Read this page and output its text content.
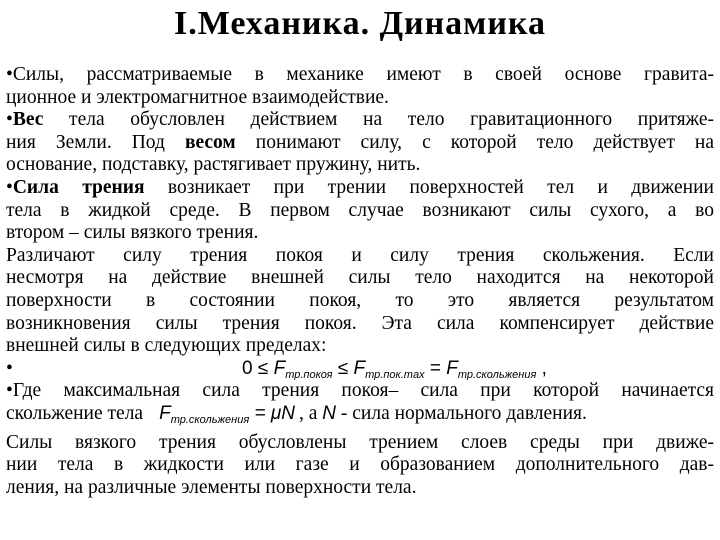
I.Механика. Динамика
•Силы, рассматриваемые в механике имеют в своей основе гравита-
ционное и электромагнитное взаимодействие.
•Вес тела обусловлен действием на тело гравитационного притяже-
ния Земли. Под весом понимают силу, с которой тело действует на
основание, подставку, растягивает пружину, нить.
•Сила трения возникает при трении поверхностей тел и движении
тела в жидкой среде. В первом случае возникают силы сухого, а во
втором – силы вязкого трения.
Различают силу трения покоя и силу трения скольжения. Если
несмотря на действие внешней силы тело находится на некоторой
поверхности в состоянии покоя, то это является результатом
возникновения силы трения покоя. Эта сила компенсирует действие
внешней силы в следующих пределах:
•	$0 \le F_{тр.покоя} \le F_{тр.пок.max} = F_{тр.скольжения}$ ,
•Где максимальная сила трения покоя– сила при которой начинается
скольжение тела $F_{тр.скольжения} = \mu N$ , а N - сила нормального давления.
Силы вязкого трения обусловлены трением слоев среды при движе-
нии тела в жидкости или газе и образованием дополнительного дав-
ления, на различные элементы поверхности тела.
